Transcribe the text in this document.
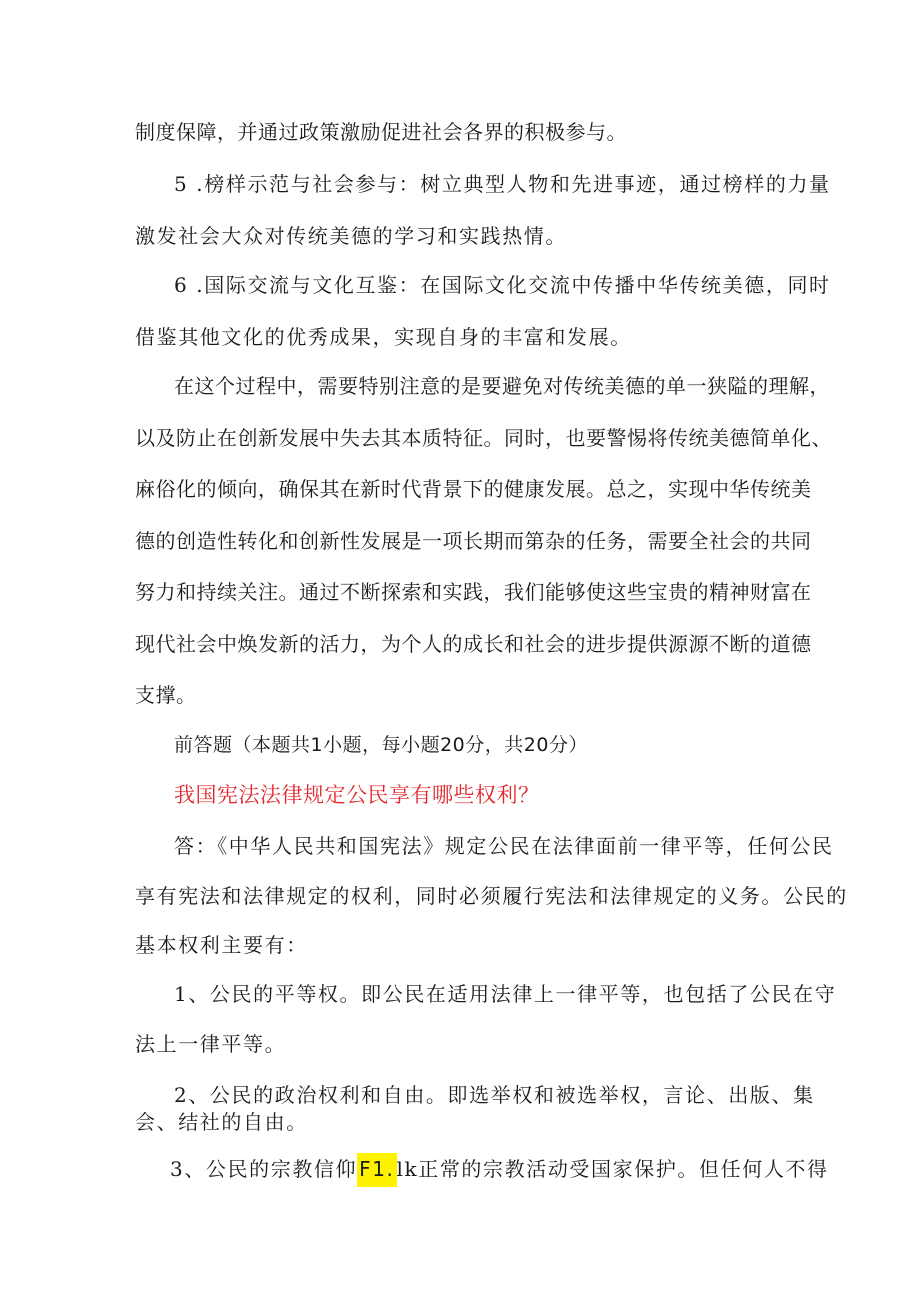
制度保障，并通过政策激励促进社会各界的积极参与。
5 .榜样示范与社会参与：树立典型人物和先进事迹，通过榜样的力量
激发社会大众对传统美德的学习和实践热情。
6 .国际交流与文化互鉴：在国际文化交流中传播中华传统美德，同时
借鉴其他文化的优秀成果，实现自身的丰富和发展。
在这个过程中，需要特别注意的是要避免对传统美德的单一狭隘的理解，
以及防止在创新发展中失去其本质特征。同时，也要警惕将传统美德简单化、
麻俗化的倾向，确保其在新时代背景下的健康发展。总之，实现中华传统美
德的创造性转化和创新性发展是一项长期而第杂的任务，需要全社会的共同
努力和持续关注。通过不断探索和实践，我们能够使这些宝贵的精神财富在
现代社会中焕发新的活力，为个人的成长和社会的进步提供源源不断的道德
支撑。
前答题（本题共1小题，每小题20分，共20分）
我国宪法法律规定公民享有哪些权利？
答：《中华人民共和国宪法》规定公民在法律面前一律平等，任何公民
享有宪法和法律规定的权利，同时必须履行宪法和法律规定的义务。公民的
基本权利主要有：
1、公民的平等权。即公民在适用法律上一律平等，也包括了公民在守
法上一律平等。
2、公民的政治权利和自由。即选举权和被选举权，言论、出版、集
会、结社的自由。
3、公民的宗教信仰 F1. lk正常的宗教活动受国家保护。但任何人不得
